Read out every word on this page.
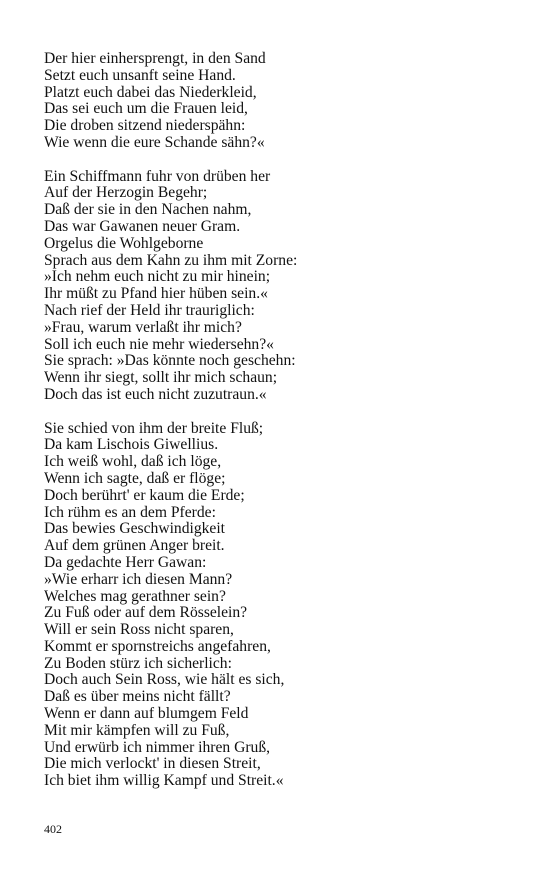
Der hier einhersprengt, in den Sand
Setzt euch unsanft seine Hand.
Platzt euch dabei das Niederkleid,
Das sei euch um die Frauen leid,
Die droben sitzend niederspähn:
Wie wenn die eure Schande sähn?«
Ein Schiffmann fuhr von drüben her
Auf der Herzogin Begehr;
Daß der sie in den Nachen nahm,
Das war Gawanen neuer Gram.
Orgelus die Wohlgeborne
Sprach aus dem Kahn zu ihm mit Zorne:
»Ich nehm euch nicht zu mir hinein;
Ihr müßt zu Pfand hier hüben sein.«
Nach rief der Held ihr trauriglich:
»Frau, warum verlaßt ihr mich?
Soll ich euch nie mehr wiedersehn?«
Sie sprach: »Das könnte noch geschehn:
Wenn ihr siegt, sollt ihr mich schaun;
Doch das ist euch nicht zuzutraun.«
Sie schied von ihm der breite Fluß;
Da kam Lischois Giwellius.
Ich weiß wohl, daß ich löge,
Wenn ich sagte, daß er flöge;
Doch berührt' er kaum die Erde;
Ich rühm es an dem Pferde:
Das bewies Geschwindigkeit
Auf dem grünen Anger breit.
Da gedachte Herr Gawan:
»Wie erharr ich diesen Mann?
Welches mag gerathner sein?
Zu Fuß oder auf dem Rösselein?
Will er sein Ross nicht sparen,
Kommt er spornstreichs angefahren,
Zu Boden stürz ich sicherlich:
Doch auch Sein Ross, wie hält es sich,
Daß es über meins nicht fällt?
Wenn er dann auf blumgem Feld
Mit mir kämpfen will zu Fuß,
Und erwürb ich nimmer ihren Gruß,
Die mich verlockt' in diesen Streit,
Ich biet ihm willig Kampf und Streit.«
402
